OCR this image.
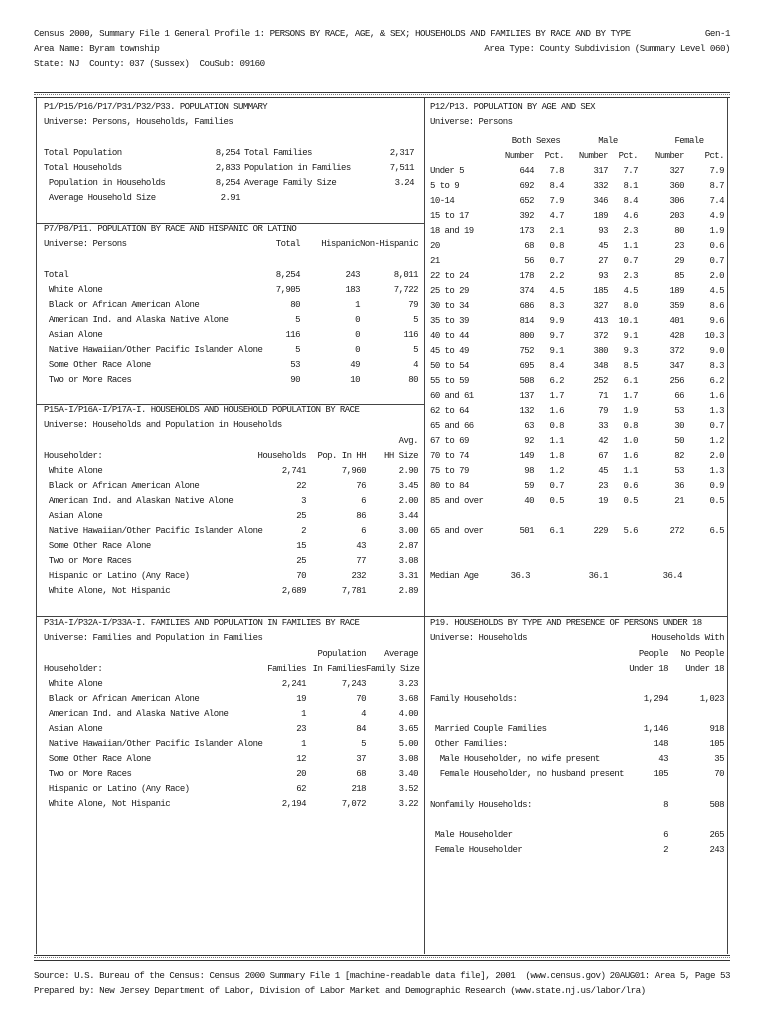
Census 2000, Summary File 1 General Profile 1: PERSONS BY RACE, AGE, & SEX; HOUSEHOLDS AND FAMILIES BY RACE AND BY TYPE	Gen-1
Area Name: Byram township	Area Type: County Subdivision (Summary Level 060)
State: NJ  County: 037 (Sussex)  CouSub: 09160
P1/P15/P16/P17/P31/P32/P33. POPULATION SUMMARY
Universe: Persons, Households, Families
Total Population	8,254 Total Families	2,317
Total Households	2,833 Population in Families	7,511
Population in Households	8,254 Average Family Size	3.24
Average Household Size	2.91
P7/P8/P11. POPULATION BY RACE AND HISPANIC OR LATINO
Universe: Persons	Total	Hispanic Non-Hispanic
Total	8,254	243	8,011
White Alone	7,905	183	7,722
Black or African American Alone	80	1	79
American Ind. and Alaska Native Alone	5	0	5
Asian Alone	116	0	116
Native Hawaiian/Other Pacific Islander Alone	5	0	5
Some Other Race Alone	53	49	4
Two or More Races	90	10	80
P15A-I/P16A-I/P17A-I. HOUSEHOLDS AND HOUSEHOLD POPULATION BY RACE
Universe: Households and Population in Households
Avg.
Householder:	Households	Pop. In HH	HH Size
White Alone	2,741	7,960	2.90
Black or African American Alone	22	76	3.45
American Ind. and Alaskan Native Alone	3	6	2.00
Asian Alone	25	86	3.44
Native Hawaiian/Other Pacific Islander Alone	2	6	3.00
Some Other Race Alone	15	43	2.87
Two or More Races	25	77	3.08
Hispanic or Latino (Any Race)	70	232	3.31
White Alone, Not Hispanic	2,689	7,781	2.89
P31A-I/P32A-I/P33A-I. FAMILIES AND POPULATION IN FAMILIES BY RACE
Universe: Families and Population in Families
Population	Average
Householder:	Families In Families Family Size
White Alone	2,241	7,243	3.23
Black or African American Alone	19	70	3.68
American Ind. and Alaska Native Alone	1	4	4.00
Asian Alone	23	84	3.65
Native Hawaiian/Other Pacific Islander Alone	1	5	5.00
Some Other Race Alone	12	37	3.08
Two or More Races	20	68	3.40
Hispanic or Latino (Any Race)	62	218	3.52
White Alone, Not Hispanic	2,194	7,072	3.22
P12/P13. POPULATION BY AGE AND SEX
Universe: Persons
Both Sexes	Male	Female
Number	Pct.	Number	Pct.	Number	Pct.
Under 5	644	7.8	317	7.7	327	7.9
5 to 9	692	8.4	332	8.1	360	8.7
10-14	652	7.9	346	8.4	306	7.4
15 to 17	392	4.7	189	4.6	203	4.9
18 and 19	173	2.1	93	2.3	80	1.9
20	68	0.8	45	1.1	23	0.6
21	56	0.7	27	0.7	29	0.7
22 to 24	178	2.2	93	2.3	85	2.0
25 to 29	374	4.5	185	4.5	189	4.5
30 to 34	686	8.3	327	8.0	359	8.6
35 to 39	814	9.9	413	10.1	401	9.6
40 to 44	800	9.7	372	9.1	428	10.3
45 to 49	752	9.1	380	9.3	372	9.0
50 to 54	695	8.4	348	8.5	347	8.3
55 to 59	508	6.2	252	6.1	256	6.2
60 and 61	137	1.7	71	1.7	66	1.6
62 to 64	132	1.6	79	1.9	53	1.3
65 and 66	63	0.8	33	0.8	30	0.7
67 to 69	92	1.1	42	1.0	50	1.2
70 to 74	149	1.8	67	1.6	82	2.0
75 to 79	98	1.2	45	1.1	53	1.3
80 to 84	59	0.7	23	0.6	36	0.9
85 and over	40	0.5	19	0.5	21	0.5
65 and over	501	6.1	229	5.6	272	6.5
Median Age	36.3	36.1	36.4
P19. HOUSEHOLDS BY TYPE AND PRESENCE OF PERSONS UNDER 18
Universe: Households	Households With
People	No People
Under 18	Under 18
Family Households:	1,294	1,023
Married Couple Families	1,146	918
Other Families:	148	105
Male Householder, no wife present	43	35
Female Householder, no husband present	105	70
Nonfamily Households:	8	508
Male Householder	6	265
Female Householder	2	243
Source: U.S. Bureau of the Census: Census 2000 Summary File 1 [machine-readable data file], 2001  (www.census.gov) 20AUG01: Area 5, Page 53
Prepared by: New Jersey Department of Labor, Division of Labor Market and Demographic Research (www.state.nj.us/labor/lra)
